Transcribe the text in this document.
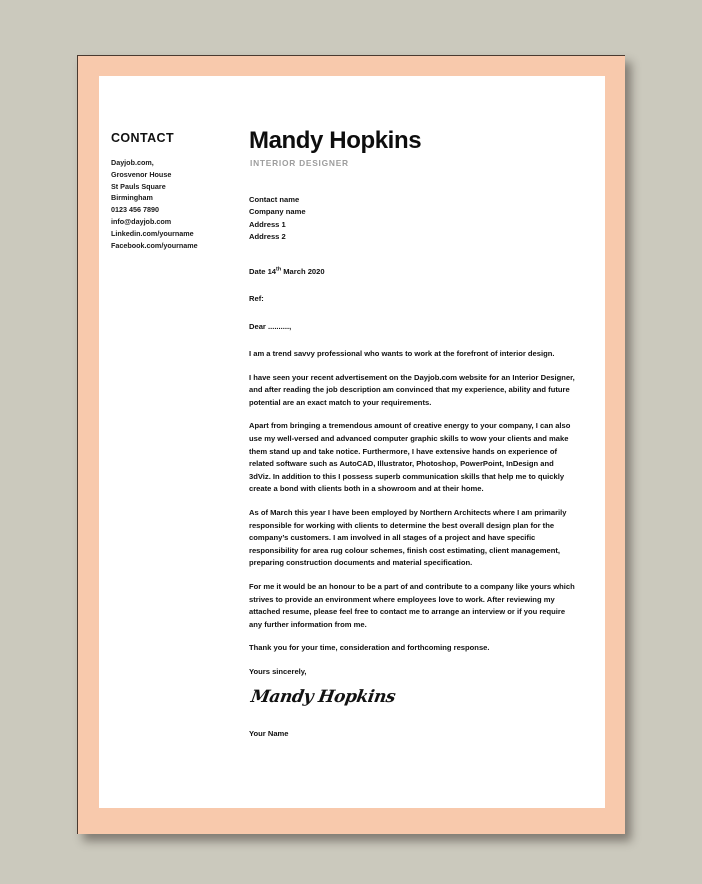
CONTACT
Dayjob.com,
Grosvenor House
St Pauls Square
Birmingham
0123 456 7890
info@dayjob.com
Linkedin.com/yourname
Facebook.com/yourname
Mandy Hopkins
INTERIOR DESIGNER
Contact name
Company name
Address 1
Address 2
Date 14th March 2020
Ref:
Dear ..........,

I am a trend savvy professional who wants to work at the forefront of interior design.

I have seen your recent advertisement on the Dayjob.com website for an Interior Designer, and after reading the job description am convinced that my experience, ability and future potential are an exact match to your requirements.

Apart from bringing a tremendous amount of creative energy to your company, I can also use my well-versed and advanced computer graphic skills to wow your clients and make them stand up and take notice. Furthermore, I have extensive hands on experience of related software such as AutoCAD, Illustrator, Photoshop, PowerPoint, InDesign and 3dViz. In addition to this I possess superb communication skills that help me to quickly create a bond with clients both in a showroom and at their home.

As of March this year I have been employed by Northern Architects where I am primarily responsible for working with clients to determine the best overall design plan for the company’s customers. I am involved in all stages of a project and have specific responsibility for area rug colour schemes, finish cost estimating, client management, preparing construction documents and material specification.

For me it would be an honour to be a part of and contribute to a company like yours which strives to provide an environment where employees love to work. After reviewing my attached resume, please feel free to contact me to arrange an interview or if you require any further information from me.

Thank you for your time, consideration and forthcoming response.

Yours sincerely,
Mandy Hopkins
Your Name
